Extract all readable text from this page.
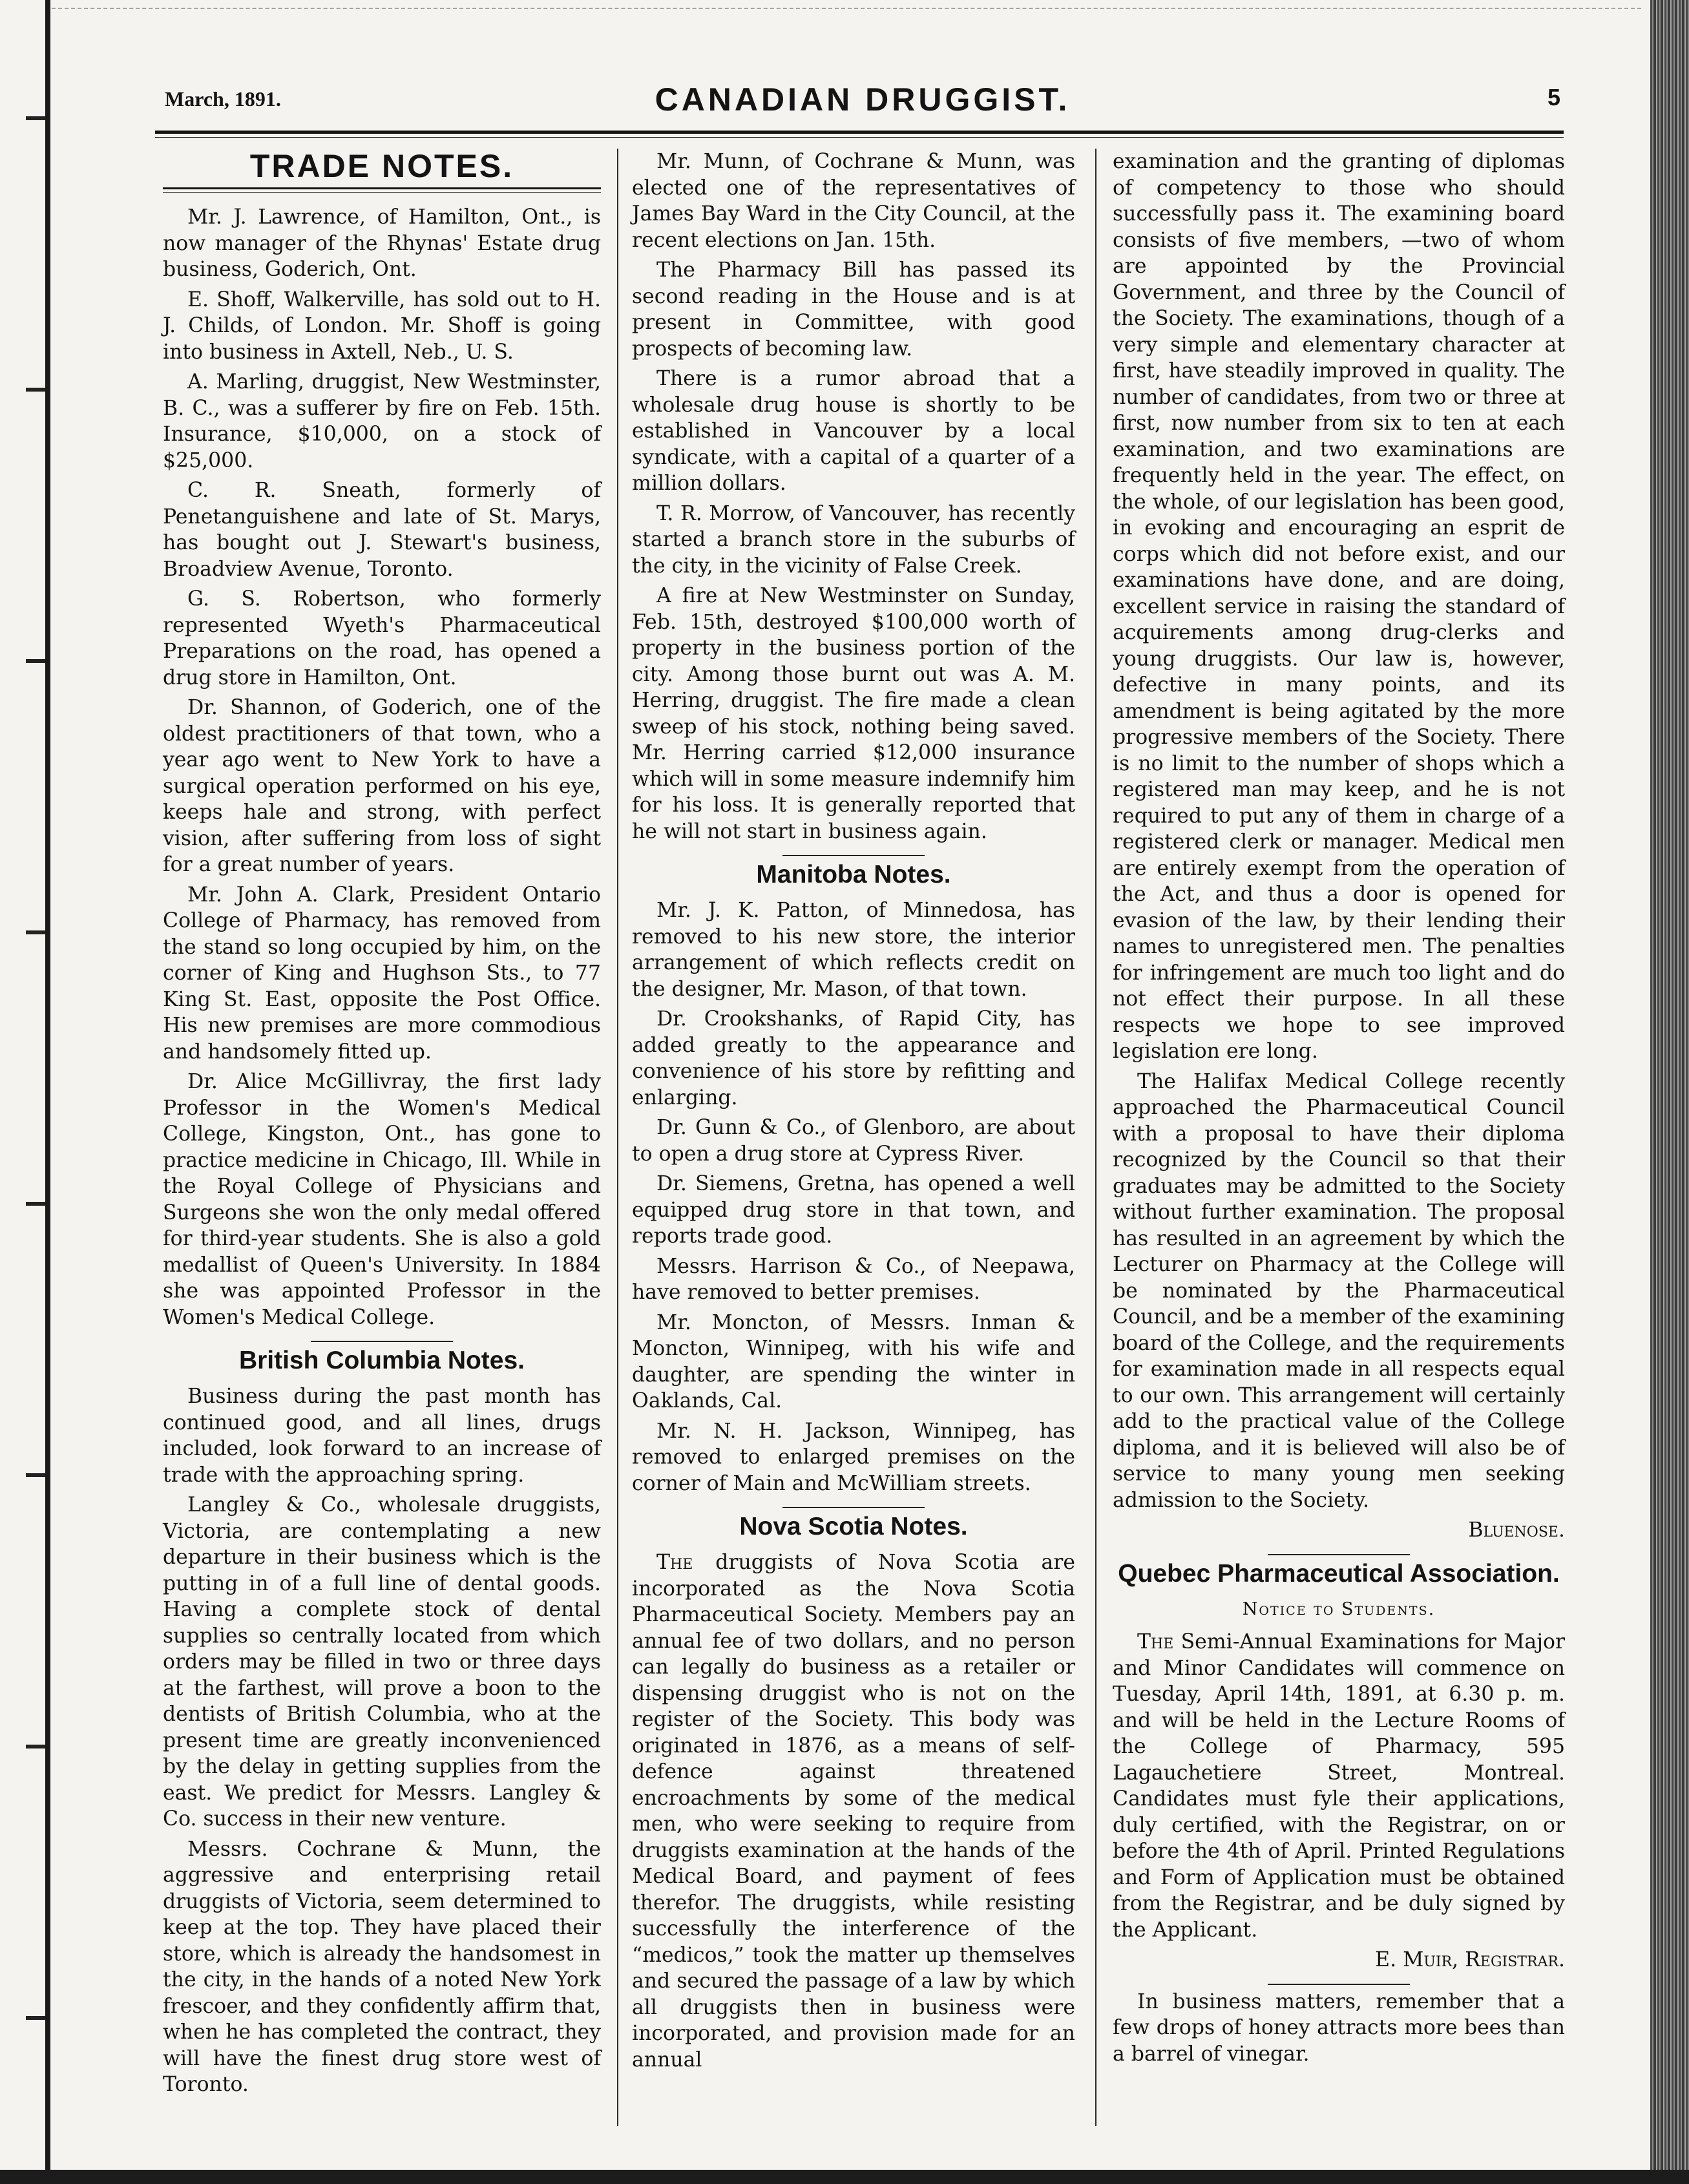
March, 1891.	CANADIAN DRUGGIST.	5
TRADE NOTES.

Mr. J. Lawrence, of Hamilton, Ont., is now manager of the Rhynas' Estate drug business, Goderich, Ont.

E. Shoff, Walkerville, has sold out to H. J. Childs, of London. Mr. Shoff is going into business in Axtell, Neb., U. S.

A. Marling, druggist, New Westminster, B. C., was a sufferer by fire on Feb. 15th. Insurance, $10,000, on a stock of $25,000.

C. R. Sneath, formerly of Penetanguishene and late of St. Marys, has bought out J. Stewart's business, Broadview Avenue, Toronto.

G. S. Robertson, who formerly represented Wyeth's Pharmaceutical Preparations on the road, has opened a drug store in Hamilton, Ont.

Dr. Shannon, of Goderich, one of the oldest practitioners of that town, who a year ago went to New York to have a surgical operation performed on his eye, keeps hale and strong, with perfect vision, after suffering from loss of sight for a great number of years.

Mr. John A. Clark, President Ontario College of Pharmacy, has removed from the stand so long occupied by him, on the corner of King and Hughson Sts., to 77 King St. East, opposite the Post Office. His new premises are more commodious and handsomely fitted up.

Dr. Alice McGillivray, the first lady Professor in the Women's Medical College, Kingston, Ont., has gone to practice medicine in Chicago, Ill. While in the Royal College of Physicians and Surgeons she won the only medal offered for third-year students. She is also a gold medallist of Queen's University. In 1884 she was appointed Professor in the Women's Medical College.

British Columbia Notes.

Business during the past month has continued good, and all lines, drugs included, look forward to an increase of trade with the approaching spring.

Langley & Co., wholesale druggists, Victoria, are contemplating a new departure in their business which is the putting in of a full line of dental goods. Having a complete stock of dental supplies so centrally located from which orders may be filled in two or three days at the farthest, will prove a boon to the dentists of British Columbia, who at the present time are greatly inconvenienced by the delay in getting supplies from the east. We predict for Messrs. Langley & Co. success in their new venture.

Messrs. Cochrane & Munn, the aggressive and enterprising retail druggists of Victoria, seem determined to keep at the top. They have placed their store, which is already the handsomest in the city, in the hands of a noted New York frescoer, and they confidently affirm that, when he has completed the contract, they will have the finest drug store west of Toronto.

Mr. Munn, of Cochrane & Munn, was elected one of the representatives of James Bay Ward in the City Council, at the recent elections on Jan. 15th.

The Pharmacy Bill has passed its second reading in the House and is at present in Committee, with good prospects of becoming law.

There is a rumor abroad that a wholesale drug house is shortly to be established in Vancouver by a local syndicate, with a capital of a quarter of a million dollars.

T. R. Morrow, of Vancouver, has recently started a branch store in the suburbs of the city, in the vicinity of False Creek.

A fire at New Westminster on Sunday, Feb. 15th, destroyed $100,000 worth of property in the business portion of the city. Among those burnt out was A. M. Herring, druggist. The fire made a clean sweep of his stock, nothing being saved. Mr. Herring carried $12,000 insurance which will in some measure indemnify him for his loss. It is generally reported that he will not start in business again.

Manitoba Notes.

Mr. J. K. Patton, of Minnedosa, has removed to his new store, the interior arrangement of which reflects credit on the designer, Mr. Mason, of that town.

Dr. Crookshanks, of Rapid City, has added greatly to the appearance and convenience of his store by refitting and enlarging.

Dr. Gunn & Co., of Glenboro, are about to open a drug store at Cypress River.

Dr. Siemens, Gretna, has opened a well equipped drug store in that town, and reports trade good.

Messrs. Harrison & Co., of Neepawa, have removed to better premises.

Mr. Moncton, of Messrs. Inman & Moncton, Winnipeg, with his wife and daughter, are spending the winter in Oaklands, Cal.

Mr. N. H. Jackson, Winnipeg, has removed to enlarged premises on the corner of Main and McWilliam streets.

Nova Scotia Notes.

The druggists of Nova Scotia are incorporated as the Nova Scotia Pharmaceutical Society. Members pay an annual fee of two dollars, and no person can legally do business as a retailer or dispensing druggist who is not on the register of the Society. This body was originated in 1876, as a means of self-defence against threatened encroachments by some of the medical men, who were seeking to require from druggists examination at the hands of the Medical Board, and payment of fees therefor. The druggists, while resisting successfully the interference of the “medicos,” took the matter up themselves and secured the passage of a law by which all druggists then in business were incorporated, and provision made for an annual

examination and the granting of diplomas of competency to those who should successfully pass it. The examining board consists of five members, —two of whom are appointed by the Provincial Government, and three by the Council of the Society. The examinations, though of a very simple and elementary character at first, have steadily improved in quality. The number of candidates, from two or three at first, now number from six to ten at each examination, and two examinations are frequently held in the year. The effect, on the whole, of our legislation has been good, in evoking and encouraging an esprit de corps which did not before exist, and our examinations have done, and are doing, excellent service in raising the standard of acquirements among drug-clerks and young druggists. Our law is, however, defective in many points, and its amendment is being agitated by the more progressive members of the Society. There is no limit to the number of shops which a registered man may keep, and he is not required to put any of them in charge of a registered clerk or manager. Medical men are entirely exempt from the operation of the Act, and thus a door is opened for evasion of the law, by their lending their names to unregistered men. The penalties for infringement are much too light and do not effect their purpose. In all these respects we hope to see improved legislation ere long.

The Halifax Medical College recently approached the Pharmaceutical Council with a proposal to have their diploma recognized by the Council so that their graduates may be admitted to the Society without further examination. The proposal has resulted in an agreement by which the Lecturer on Pharmacy at the College will be nominated by the Pharmaceutical Council, and be a member of the examining board of the College, and the requirements for examination made in all respects equal to our own. This arrangement will certainly add to the practical value of the College diploma, and it is believed will also be of service to many young men seeking admission to the Society.

Bluenose.

Quebec Pharmaceutical Association.
Notice to Students.

The Semi-Annual Examinations for Major and Minor Candidates will commence on Tuesday, April 14th, 1891, at 6.30 p. m. and will be held in the Lecture Rooms of the College of Pharmacy, 595 Lagauchetiere Street, Montreal. Candidates must fyle their applications, duly certified, with the Registrar, on or before the 4th of April. Printed Regulations and Form of Application must be obtained from the Registrar, and be duly signed by the Applicant.

E. Muir, Registrar.

In business matters, remember that a few drops of honey attracts more bees than a barrel of vinegar.
